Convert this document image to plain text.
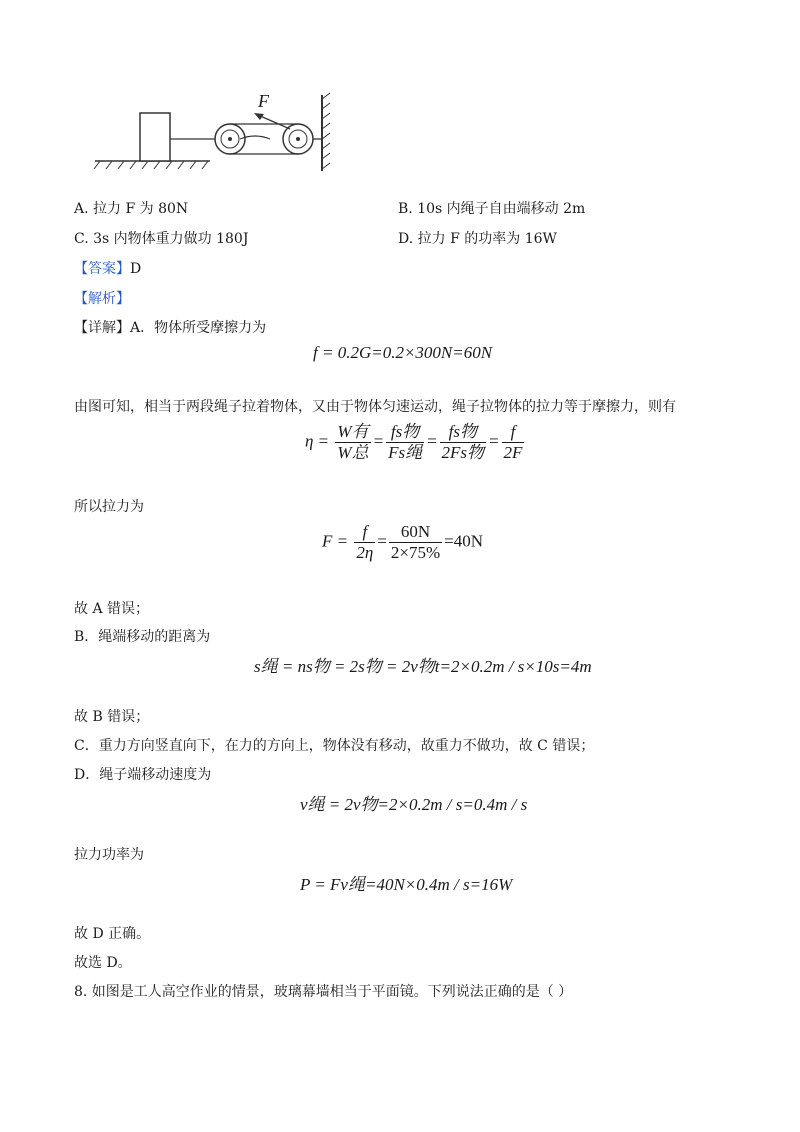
F
A. 拉力 F 为 80N	B. 10s 内绳子自由端移动 2m
C. 3s 内物体重力做功 180J	D. 拉力 F 的功率为 16W
【答案】D
【解析】
【详解】A．物体所受摩擦力为
f = 0.2G=0.2×300N=60N
由图可知，相当于两段绳子拉着物体，又由于物体匀速运动，绳子拉物体的拉力等于摩擦力，则有
$\eta = \frac{\text{W有}}{\text{W总}} = \frac{\text{fs物}}{\text{Fs绳}} = \frac{\text{fs物}}{\text{2Fs物}} = \frac{f}{2F}$
所以拉力为
$F = \frac{f}{2\eta} = \frac{60N}{2\times 75\%} =40N$
故 A 错误；
B．绳端移动的距离为
s绳 = ns物 = 2s物 = 2v物t=2×0.2m / s×10s=4m
故 B 错误；
C．重力方向竖直向下，在力的方向上，物体没有移动，故重力不做功，故 C 错误；
D．绳子端移动速度为
v绳 = 2v物=2×0.2m / s=0.4m / s
拉力功率为
P = Fv绳=40N×0.4m / s=16W
故 D 正确。
故选 D。
8. 如图是工人高空作业的情景，玻璃幕墙相当于平面镜。下列说法正确的是（ ）
